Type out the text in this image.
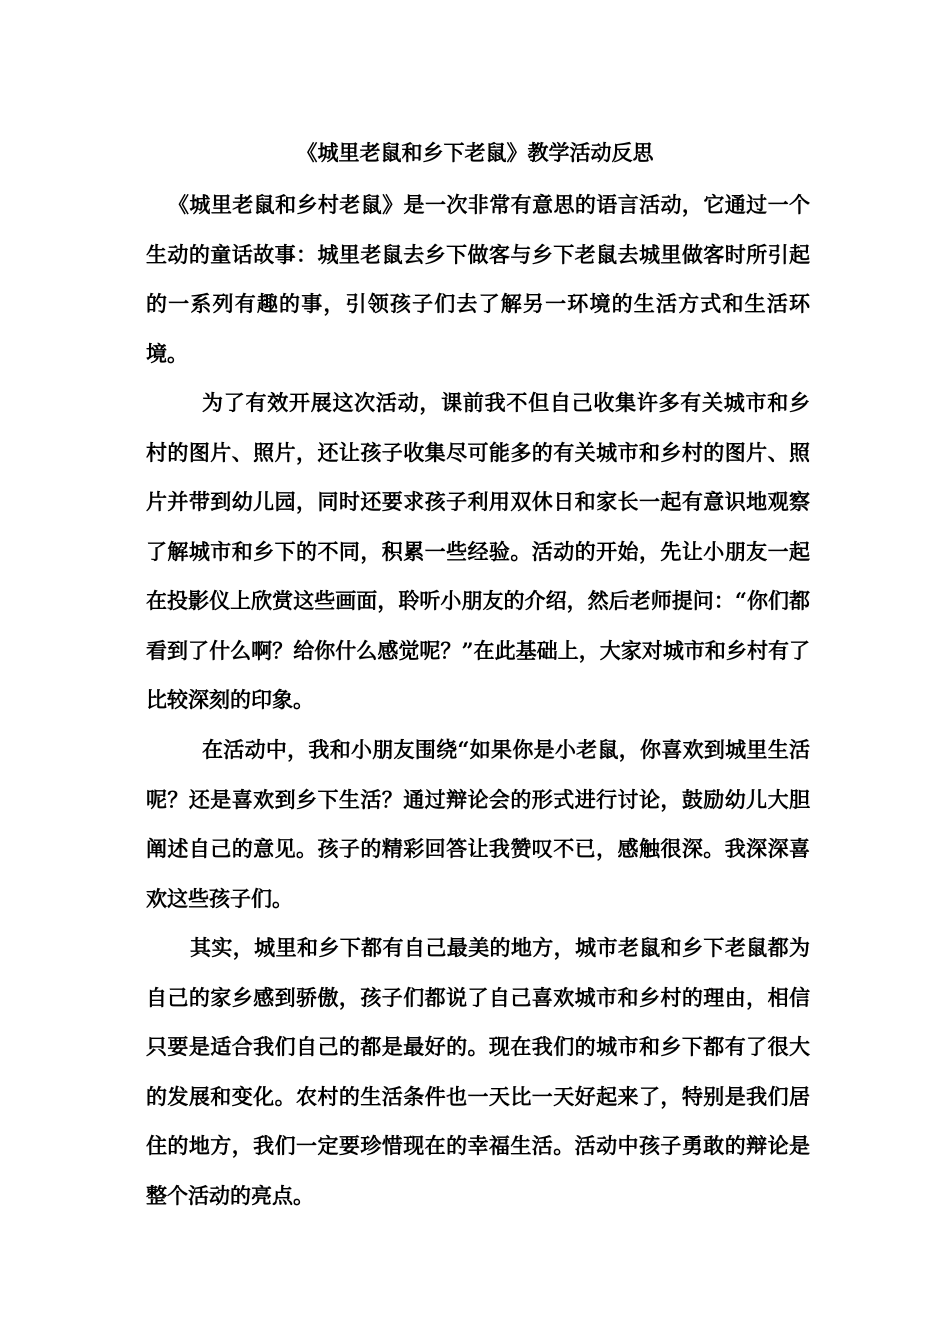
《城里老鼠和乡下老鼠》教学活动反思

《城里老鼠和乡村老鼠》是一次非常有意思的语言活动，它通过一个生动的童话故事：城里老鼠去乡下做客与乡下老鼠去城里做客时所引起的一系列有趣的事，引领孩子们去了解另一环境的生活方式和生活环境。

为了有效开展这次活动，课前我不但自己收集许多有关城市和乡村的图片、照片，还让孩子收集尽可能多的有关城市和乡村的图片、照片并带到幼儿园，同时还要求孩子利用双休日和家长一起有意识地观察了解城市和乡下的不同，积累一些经验。活动的开始，先让小朋友一起在投影仪上欣赏这些画面，聆听小朋友的介绍，然后老师提问：“你们都看到了什么啊？给你什么感觉呢？”在此基础上，大家对城市和乡村有了比较深刻的印象。

在活动中，我和小朋友围绕“如果你是小老鼠，你喜欢到城里生活呢？还是喜欢到乡下生活？通过辩论会的形式进行讨论，鼓励幼儿大胆阐述自己的意见。孩子的精彩回答让我赞叹不已，感触很深。我深深喜欢这些孩子们。

其实，城里和乡下都有自己最美的地方，城市老鼠和乡下老鼠都为自己的家乡感到骄傲，孩子们都说了自己喜欢城市和乡村的理由，相信只要是适合我们自己的都是最好的。现在我们的城市和乡下都有了很大的发展和变化。农村的生活条件也一天比一天好起来了，特别是我们居住的地方，我们一定要珍惜现在的幸福生活。活动中孩子勇敢的辩论是整个活动的亮点。
